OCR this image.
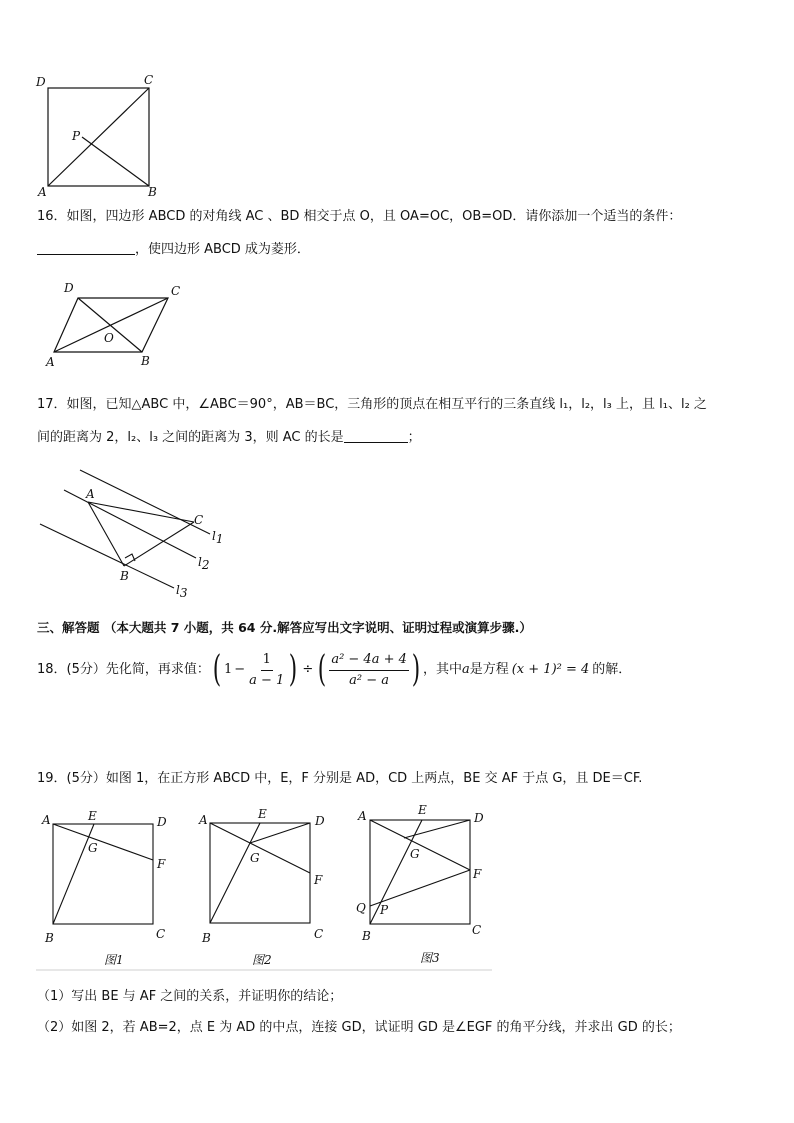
D	C
P
A	B
16．如图，四边形 ABCD 的对角线 AC 、BD 相交于点 O，且 OA=OC，OB=OD．请你添加一个适当的条件：
，使四边形 ABCD 成为菱形．
D	C
O
A	B
17．如图，已知△ABC 中，∠ABC＝90°，AB＝BC，三角形的顶点在相互平行的三条直线 l₁，l₂，l₃ 上，且 l₁、l₂ 之
间的距离为 2，l₂、l₃ 之间的距离为 3，则 AC 的长是	；
A
C
B
l1
l2
l3
三、解答题 （本大题共 7 小题，共 64 分.解答应写出文字说明、证明过程或演算步骤.）
18．(5分）先化简，再求值： ( $1 - \frac{1}{a - 1}$ ) ÷ ( $\frac{\text{a² − 4a + 4}}{\text{a² − a}}$ ) ，其中 a 是方程 (x + 1)² = 4 的解．
19．(5分）如图 1，在正方形 ABCD 中，E，F 分别是 AD，CD 上两点，BE 交 AF 于点 G，且 DE＝CF.
A	E	D
G
F
B	C
图1
A	E	D
G
F
B	C
图2
A	E
D
G
F
Q P
B	C
图3
（1）写出 BE 与 AF 之间的关系，并证明你的结论；
（2）如图 2，若 AB=2，点 E 为 AD 的中点，连接 GD，试证明 GD 是∠EGF 的角平分线，并求出 GD 的长；
